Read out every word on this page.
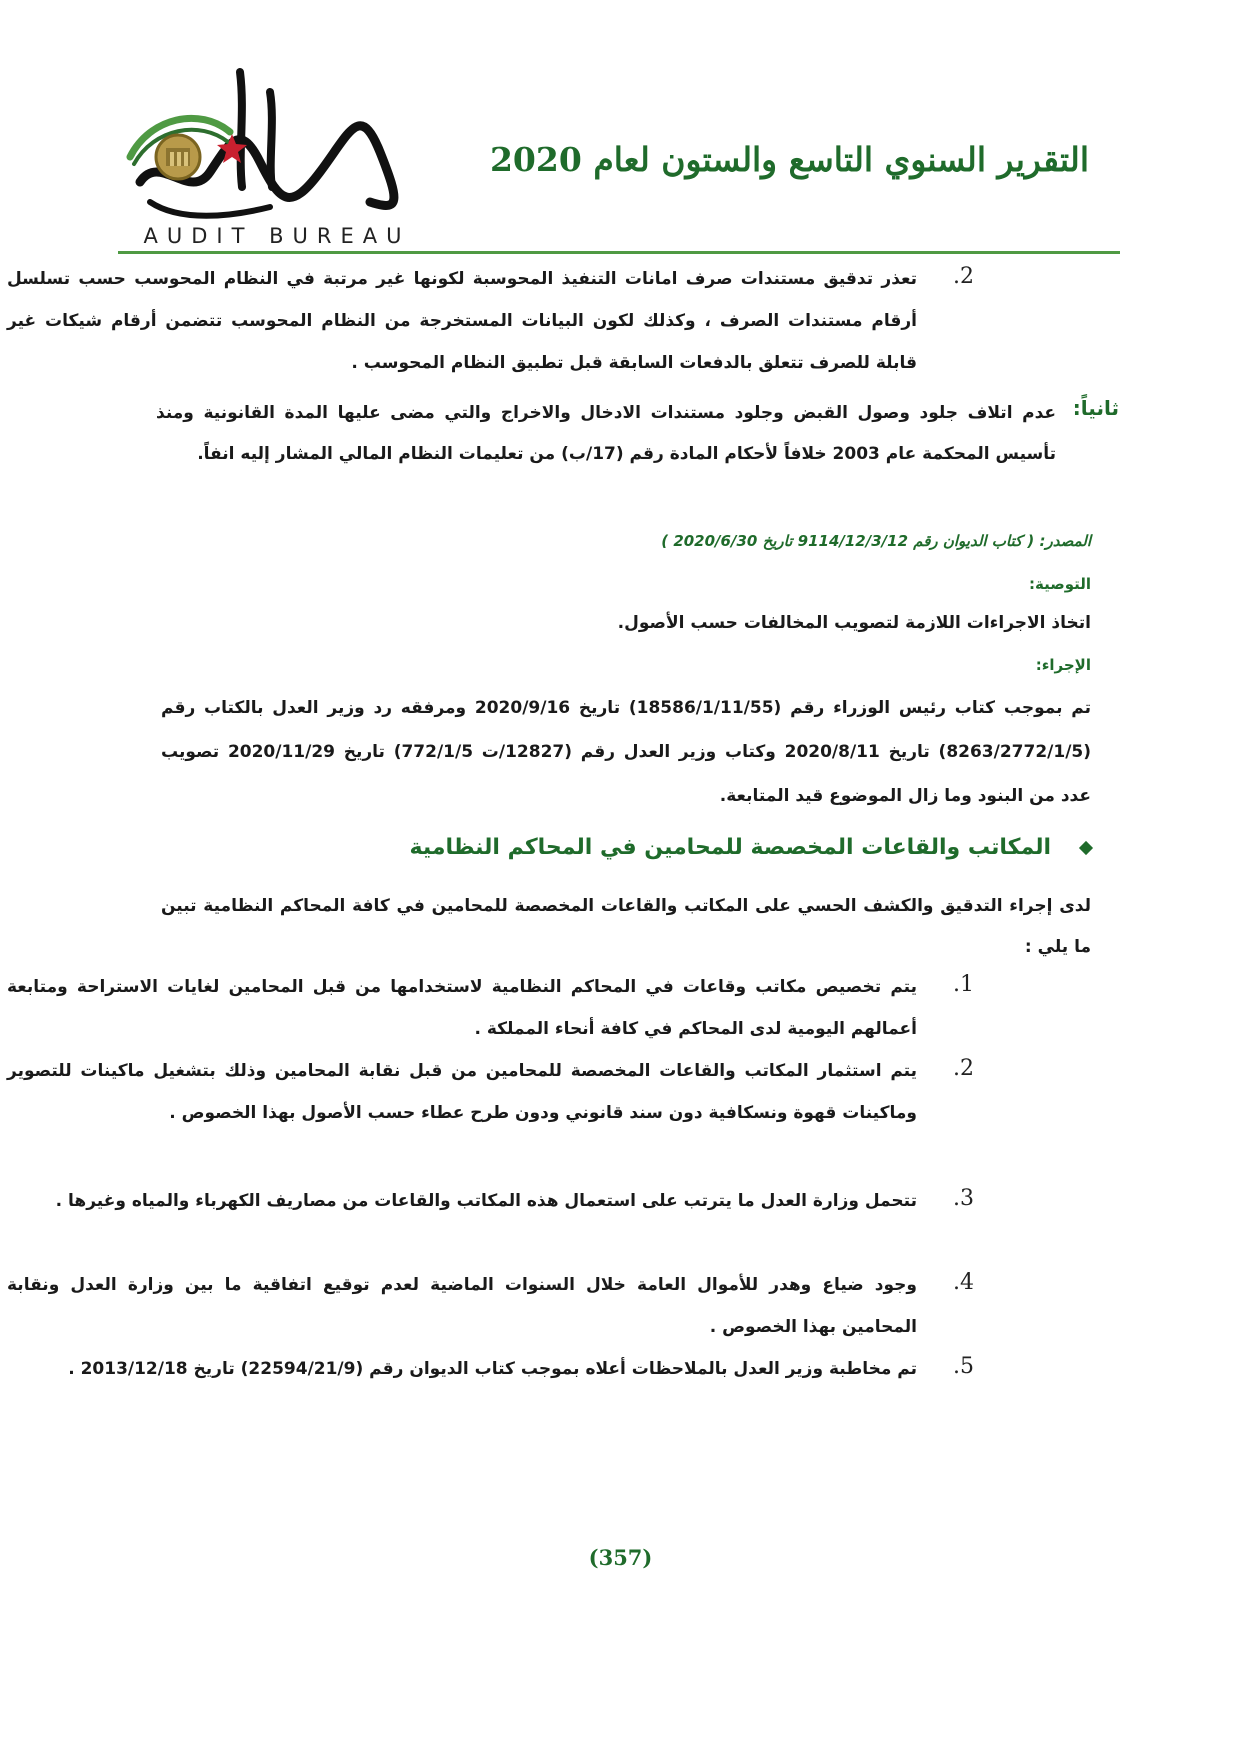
AUDIT BUREAU
التقرير السنوي التاسع والستون لعام 2020
.2
تعذر تدقيق مستندات صرف امانات التنفيذ المحوسبة لكونها غير مرتبة في النظام المحوسب حسب تسلسل أرقام مستندات الصرف ، وكذلك لكون البيانات المستخرجة من النظام المحوسب تتضمن أرقام شيكات غير قابلة للصرف تتعلق بالدفعات السابقة قبل تطبيق النظام المحوسب .
ثانياً:
عدم اتلاف جلود وصول القبض وجلود مستندات الادخال والاخراج والتي مضى عليها المدة القانونية ومنذ تأسيس المحكمة عام 2003 خلافاً لأحكام المادة رقم (17/ب) من تعليمات النظام المالي المشار إليه انفاً.
المصدر: ( كتاب الديوان رقم 9114/12/3/12 تاريخ 2020/6/30 )
التوصية:
اتخاذ الاجراءات اللازمة لتصويب المخالفات حسب الأصول.
الإجراء:
تم بموجب كتاب رئيس الوزراء رقم (18586/1/11/55) تاريخ 2020/9/16 ومرفقه رد وزير العدل بالكتاب رقم (8263/2772/1/5) تاريخ 2020/8/11 وكتاب وزير العدل رقم (12827/ت 772/1/5) تاريخ 2020/11/29 تصويب عدد من البنود وما زال الموضوع قيد المتابعة.
المكاتب والقاعات المخصصة للمحامين في المحاكم النظامية
لدى إجراء التدقيق والكشف الحسي على المكاتب والقاعات المخصصة للمحامين في كافة المحاكم النظامية تبين ما يلي :
.1
يتم تخصيص مكاتب وقاعات في المحاكم النظامية لاستخدامها من قبل المحامين لغايات الاستراحة ومتابعة أعمالهم اليومية لدى المحاكم في كافة أنحاء المملكة .
.2
يتم استثمار المكاتب والقاعات المخصصة للمحامين من قبل نقابة المحامين وذلك بتشغيل ماكينات للتصوير وماكينات قهوة ونسكافية دون سند قانوني ودون طرح عطاء حسب الأصول بهذا الخصوص .
.3
تتحمل وزارة العدل ما يترتب على استعمال هذه المكاتب والقاعات من مصاريف الكهرباء والمياه وغيرها .
.4
وجود ضياع وهدر للأموال العامة خلال السنوات الماضية لعدم توقيع اتفاقية ما بين وزارة العدل ونقابة المحامين بهذا الخصوص .
.5
تم مخاطبة وزير العدل بالملاحظات أعلاه بموجب كتاب الديوان رقم (22594/21/9) تاريخ 2013/12/18 .
(357)
